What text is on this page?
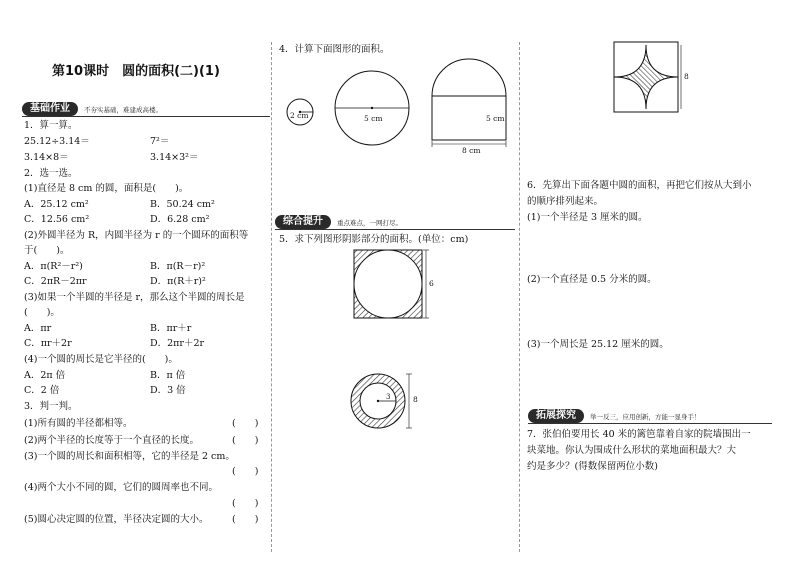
第10课时　圆的面积(二)(1)
基础作业	不夯实基础，难建成高楼。
1．算一算。
25.12÷3.14＝	7²＝
3.14×8＝	3.14×3²＝
2．选一选。
(1)直径是 8 cm 的圆，面积是(　　)。
A．25.12 cm²	B．50.24 cm²
C．12.56 cm²	D．6.28 cm²
(2)外圆半径为 R，内圆半径为 r 的一个圆环的面积等
于(　　)。
A．π(R²－r²)	B．π(R－r)²
C．2πR－2πr	D．π(R＋r)²
(3)如果一个半圆的半径是 r，那么这个半圆的周长是
(　　)。
A．πr	B．πr＋r
C．πr＋2r	D．2πr＋2r
(4)一个圆的周长是它半径的(　　)。
A．2π 倍	B．π 倍
C．2 倍	D．3 倍
3．判一判。
(1)所有圆的半径都相等。	(　　)
(2)两个半径的长度等于一个直径的长度。	(　　)
(3)一个圆的周长和面积相等，它的半径是 2 cm。
(　　)
(4)两个大小不同的圆，它们的圆周率也不同。
(　　)
(5)圆心决定圆的位置，半径决定圆的大小。 (　　)
4．计算下面图形的面积。
2 cm	5 cm	5 cm
8 cm
综合提升	重点难点，一网打尽。
5．求下列图形阴影部分的面积。(单位：cm)
6
3	8
8
6．先算出下面各题中圆的面积，再把它们按从大到小
的顺序排列起来。
(1)一个半径是 3 厘米的圆。
(2)一个直径是 0.5 分米的圆。
(3)一个周长是 25.12 厘米的圆。
拓展探究	举一反三，应用创新，方能一显身手！
7．张伯伯要用长 40 米的篱笆靠着自家的院墙围出一
块菜地。你认为围成什么形状的菜地面积最大？大
约是多少？(得数保留两位小数)
